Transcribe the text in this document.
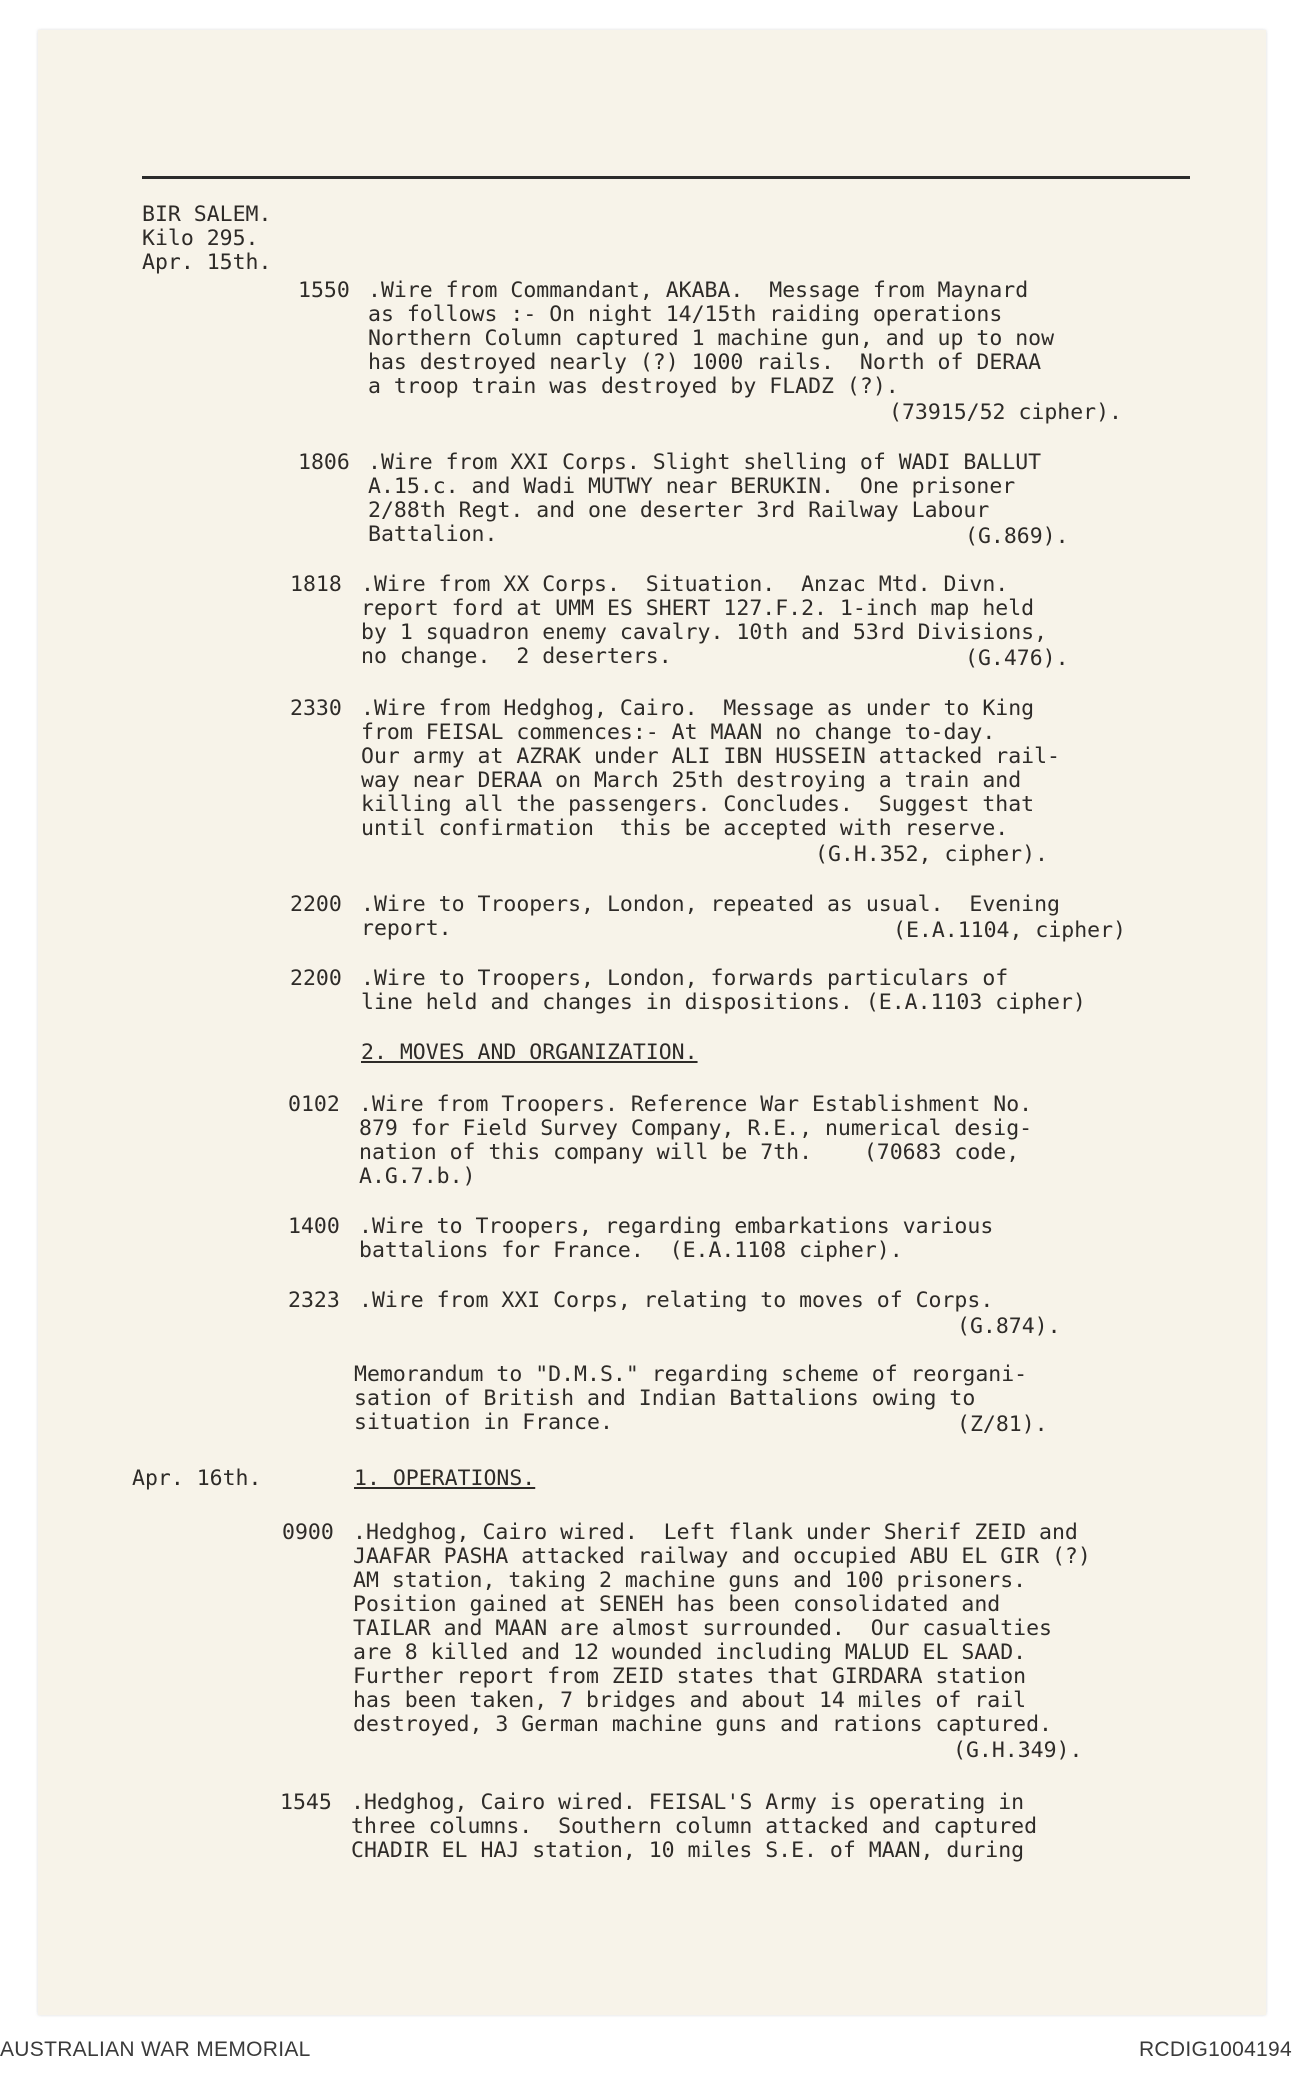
BIR SALEM.
Kilo 295.
Apr. 15th.
1550 .Wire from Commandant, AKABA.  Message from Maynard
as follows :- On night 14/15th raiding operations
Northern Column captured 1 machine gun, and up to now
has destroyed nearly (?) 1000 rails.  North of DERAA
a troop train was destroyed by FLADZ (?).
(73915/52 cipher).
1806 .Wire from XXI Corps. Slight shelling of WADI BALLUT
A.15.c. and Wadi MUTWY near BERUKIN.  One prisoner
2/88th Regt. and one deserter 3rd Railway Labour
Battalion.	(G.869).
1818 .Wire from XX Corps.  Situation.  Anzac Mtd. Divn.
report ford at UMM ES SHERT 127.F.2. 1-inch map held
by 1 squadron enemy cavalry. 10th and 53rd Divisions,
no change.  2 deserters.	(G.476).
2330 .Wire from Hedghog, Cairo.  Message as under to King
from FEISAL commences:- At MAAN no change to-day.
Our army at AZRAK under ALI IBN HUSSEIN attacked rail-
way near DERAA on March 25th destroying a train and
killing all the passengers. Concludes.  Suggest that
until confirmation  this be accepted with reserve.
(G.H.352, cipher).
2200 .Wire to Troopers, London, repeated as usual.  Evening
report.	(E.A.1104, cipher)
2200 .Wire to Troopers, London, forwards particulars of
line held and changes in dispositions. (E.A.1103 cipher)
2. MOVES AND ORGANIZATION.
0102 .Wire from Troopers. Reference War Establishment No.
879 for Field Survey Company, R.E., numerical desig-
nation of this company will be 7th.    (70683 code,
A.G.7.b.)
1400 .Wire to Troopers, regarding embarkations various
battalions for France.  (E.A.1108 cipher).
2323 .Wire from XXI Corps, relating to moves of Corps.
(G.874).
Memorandum to "D.M.S." regarding scheme of reorgani-
sation of British and Indian Battalions owing to
situation in France.	(Z/81).
Apr. 16th.	1. OPERATIONS.
0900 .Hedghog, Cairo wired.  Left flank under Sherif ZEID and
JAAFAR PASHA attacked railway and occupied ABU EL GIR (?)
AM station, taking 2 machine guns and 100 prisoners.
Position gained at SENEH has been consolidated and
TAILAR and MAAN are almost surrounded.  Our casualties
are 8 killed and 12 wounded including MALUD EL SAAD.
Further report from ZEID states that GIRDARA station
has been taken, 7 bridges and about 14 miles of rail
destroyed, 3 German machine guns and rations captured.
(G.H.349).
1545 .Hedghog, Cairo wired. FEISAL'S Army is operating in
three columns.  Southern column attacked and captured
CHADIR EL HAJ station, 10 miles S.E. of MAAN, during
AUSTRALIAN WAR MEMORIAL	RCDIG1004194
